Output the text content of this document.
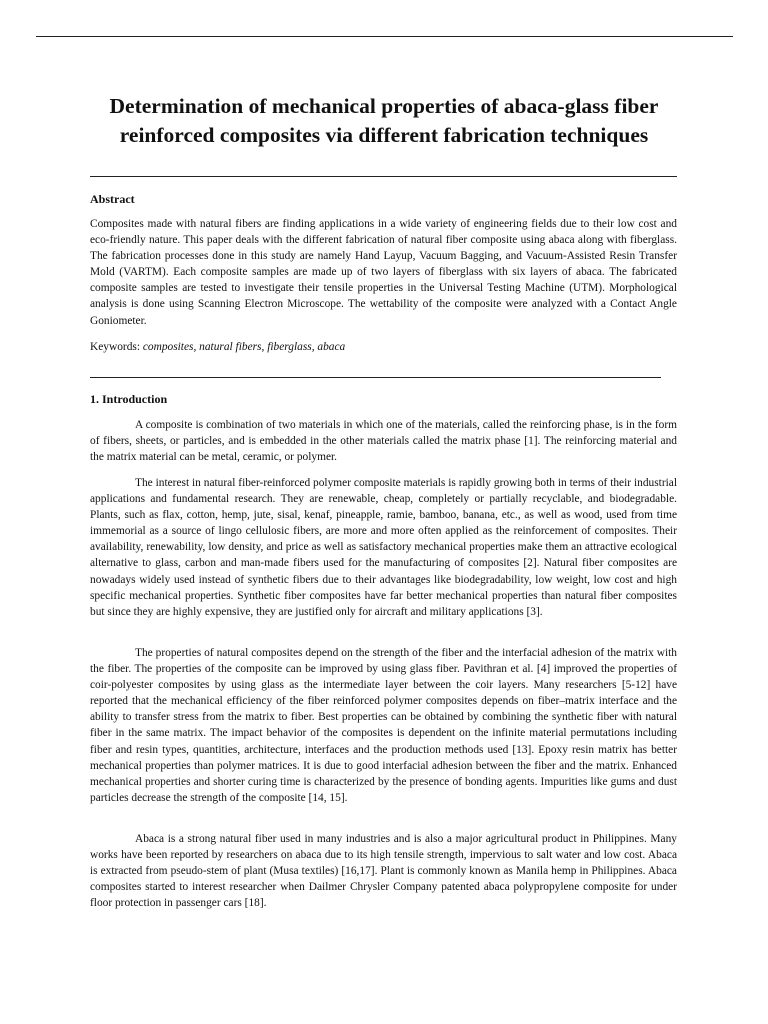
Determination of mechanical properties of abaca-glass fiber reinforced composites via different fabrication techniques
Abstract

Composites made with natural fibers are finding applications in a wide variety of engineering fields due to their low cost and eco-friendly nature. This paper deals with the different fabrication of natural fiber composite using abaca along with fiberglass. The fabrication processes done in this study are namely Hand Layup, Vacuum Bagging, and Vacuum-Assisted Resin Transfer Mold (VARTM). Each composite samples are made up of two layers of fiberglass with six layers of abaca. The fabricated composite samples are tested to investigate their tensile properties in the Universal Testing Machine (UTM). Morphological analysis is done using Scanning Electron Microscope. The wettability of the composite were analyzed with a Contact Angle Goniometer.

Keywords: composites, natural fibers, fiberglass, abaca

1. Introduction

A composite is combination of two materials in which one of the materials, called the reinforcing phase, is in the form of fibers, sheets, or particles, and is embedded in the other materials called the matrix phase [1]. The reinforcing material and the matrix material can be metal, ceramic, or polymer.

The interest in natural fiber-reinforced polymer composite materials is rapidly growing both in terms of their industrial applications and fundamental research. They are renewable, cheap, completely or partially recyclable, and biodegradable. Plants, such as flax, cotton, hemp, jute, sisal, kenaf, pineapple, ramie, bamboo, banana, etc., as well as wood, used from time immemorial as a source of lingo cellulosic fibers, are more and more often applied as the reinforcement of composites. Their availability, renewability, low density, and price as well as satisfactory mechanical properties make them an attractive ecological alternative to glass, carbon and man-made fibers used for the manufacturing of composites [2]. Natural fiber composites are nowadays widely used instead of synthetic fibers due to their advantages like biodegradability, low weight, low cost and high specific mechanical properties. Synthetic fiber composites have far better mechanical properties than natural fiber composites but since they are highly expensive, they are justified only for aircraft and military applications [3].

The properties of natural composites depend on the strength of the fiber and the interfacial adhesion of the matrix with the fiber. The properties of the composite can be improved by using glass fiber. Pavithran et al. [4] improved the properties of coir-polyester composites by using glass as the intermediate layer between the coir layers. Many researchers [5-12] have reported that the mechanical efficiency of the fiber reinforced polymer composites depends on fiber–matrix interface and the ability to transfer stress from the matrix to fiber. Best properties can be obtained by combining the synthetic fiber with natural fiber in the same matrix. The impact behavior of the composites is dependent on the infinite material permutations including fiber and resin types, quantities, architecture, interfaces and the production methods used [13]. Epoxy resin matrix has better mechanical properties than polymer matrices. It is due to good interfacial adhesion between the fiber and the matrix. Enhanced mechanical properties and shorter curing time is characterized by the presence of bonding agents. Impurities like gums and dust particles decrease the strength of the composite [14, 15].

Abaca is a strong natural fiber used in many industries and is also a major agricultural product in Philippines. Many works have been reported by researchers on abaca due to its high tensile strength, impervious to salt water and low cost. Abaca is extracted from pseudo-stem of plant (Musa textiles) [16,17]. Plant is commonly known as Manila hemp in Philippines. Abaca composites started to interest researcher when Dailmer Chrysler Company patented abaca polypropylene composite for under floor protection in passenger cars [18].
